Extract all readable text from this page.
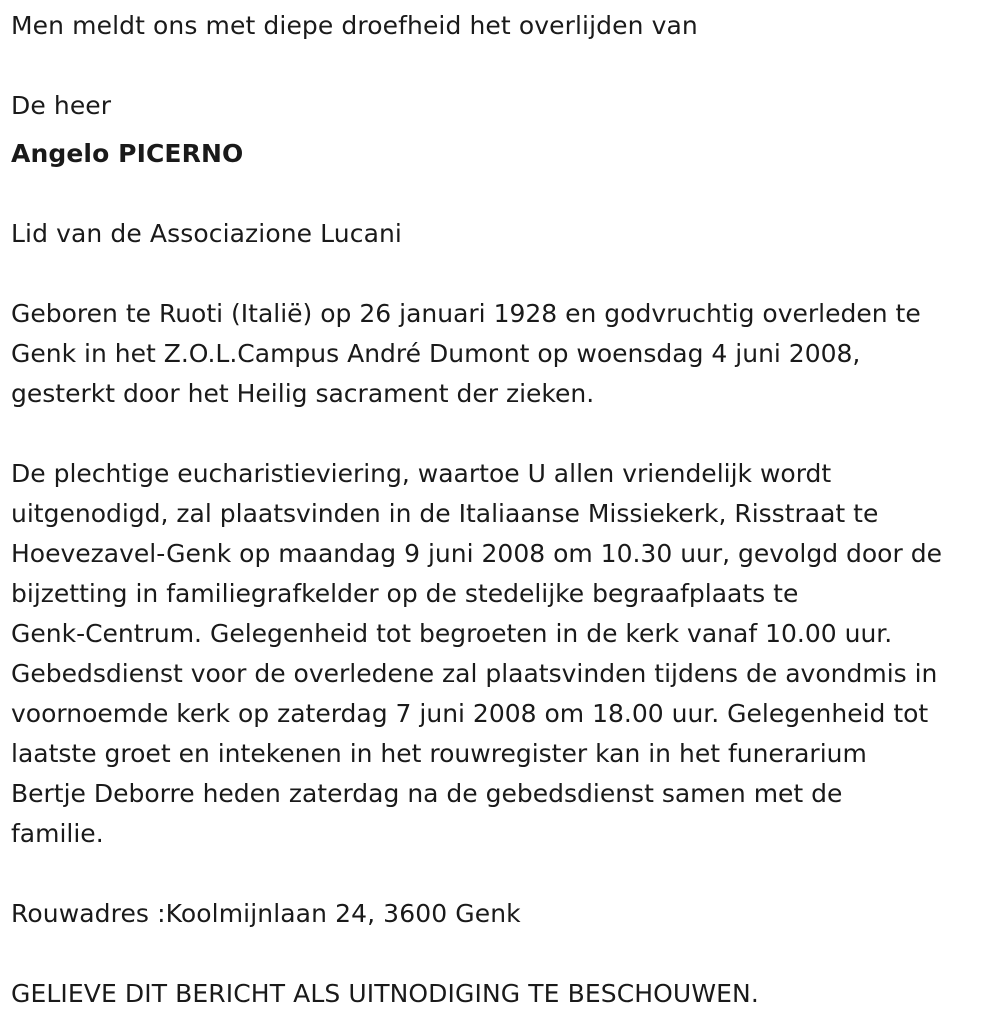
Men meldt ons met diepe droefheid het overlijden van

De heer

Angelo PICERNO

Lid van de Associazione Lucani

Geboren te Ruoti (Italië) op 26 januari 1928 en godvruchtig overleden te
Genk in het Z.O.L.Campus André Dumont op woensdag 4 juni 2008,
gesterkt door het Heilig sacrament der zieken.
De plechtige eucharistieviering, waartoe U allen vriendelijk wordt
uitgenodigd, zal plaatsvinden in de Italiaanse Missiekerk, Risstraat te
Hoevezavel-Genk op maandag 9 juni 2008 om 10.30 uur, gevolgd door de
bijzetting in familiegrafkelder op de stedelijke begraafplaats te
Genk-Centrum. Gelegenheid tot begroeten in de kerk vanaf 10.00 uur.
Gebedsdienst voor de overledene zal plaatsvinden tijdens de avondmis in
voornoemde kerk op zaterdag 7 juni 2008 om 18.00 uur. Gelegenheid tot
laatste groet en intekenen in het rouwregister kan in het funerarium
Bertje Deborre heden zaterdag na de gebedsdienst samen met de
familie.

Rouwadres :Koolmijnlaan 24, 3600 Genk

GELIEVE DIT BERICHT ALS UITNODIGING TE BESCHOUWEN.
